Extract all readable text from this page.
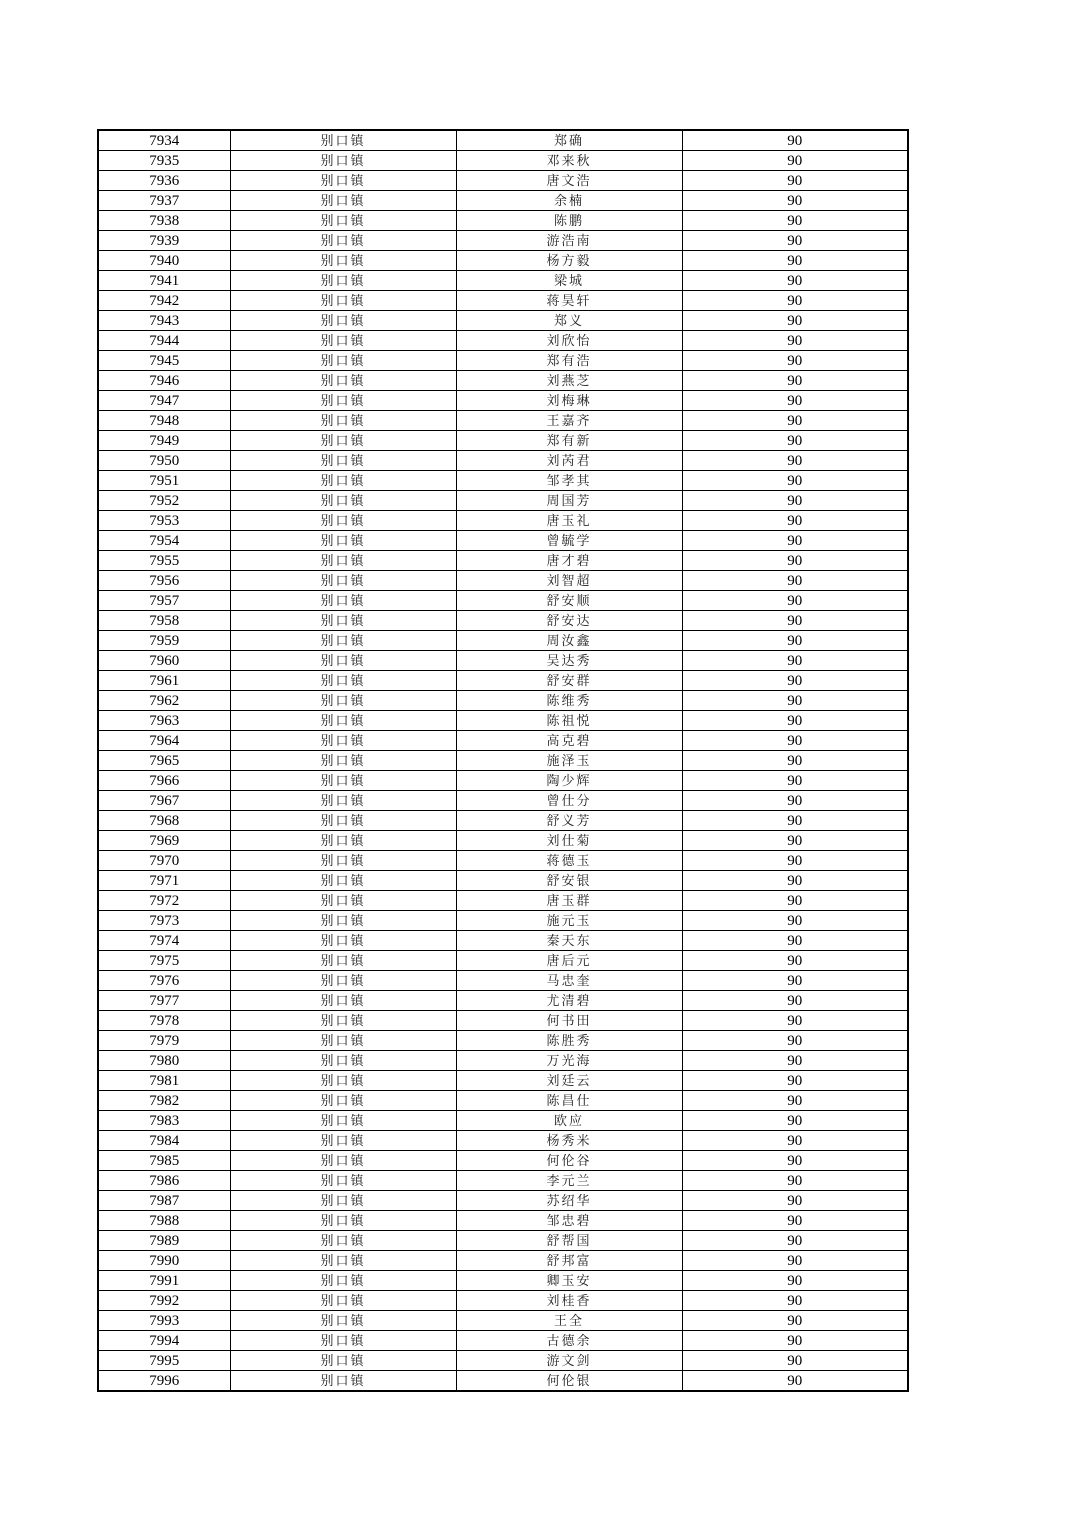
7934	别口镇	郑确	90
7935	别口镇	邓来秋	90
7936	别口镇	唐文浩	90
7937	别口镇	余楠	90
7938	别口镇	陈鹏	90
7939	别口镇	游浩南	90
7940	别口镇	杨方毅	90
7941	别口镇	梁城	90
7942	别口镇	蒋昊轩	90
7943	别口镇	郑义	90
7944	别口镇	刘欣怡	90
7945	别口镇	郑有浩	90
7946	别口镇	刘燕芝	90
7947	别口镇	刘梅琳	90
7948	别口镇	王嘉齐	90
7949	别口镇	郑有新	90
7950	别口镇	刘芮君	90
7951	别口镇	邹孝其	90
7952	别口镇	周国芳	90
7953	别口镇	唐玉礼	90
7954	别口镇	曾毓学	90
7955	别口镇	唐才碧	90
7956	别口镇	刘智超	90
7957	别口镇	舒安顺	90
7958	别口镇	舒安达	90
7959	别口镇	周汝鑫	90
7960	别口镇	吴达秀	90
7961	别口镇	舒安群	90
7962	别口镇	陈维秀	90
7963	别口镇	陈祖悦	90
7964	别口镇	高克碧	90
7965	别口镇	施泽玉	90
7966	别口镇	陶少辉	90
7967	别口镇	曾仕分	90
7968	别口镇	舒义芳	90
7969	别口镇	刘仕菊	90
7970	别口镇	蒋德玉	90
7971	别口镇	舒安银	90
7972	别口镇	唐玉群	90
7973	别口镇	施元玉	90
7974	别口镇	秦天东	90
7975	别口镇	唐后元	90
7976	别口镇	马忠奎	90
7977	别口镇	尤清碧	90
7978	别口镇	何书田	90
7979	别口镇	陈胜秀	90
7980	别口镇	万光海	90
7981	别口镇	刘廷云	90
7982	别口镇	陈昌仕	90
7983	别口镇	欧应	90
7984	别口镇	杨秀米	90
7985	别口镇	何伦谷	90
7986	别口镇	李元兰	90
7987	别口镇	苏绍华	90
7988	别口镇	邹忠碧	90
7989	别口镇	舒帮国	90
7990	别口镇	舒邦富	90
7991	别口镇	卿玉安	90
7992	别口镇	刘桂香	90
7993	别口镇	王全	90
7994	别口镇	古德余	90
7995	别口镇	游文剑	90
7996	别口镇	何伦银	90
